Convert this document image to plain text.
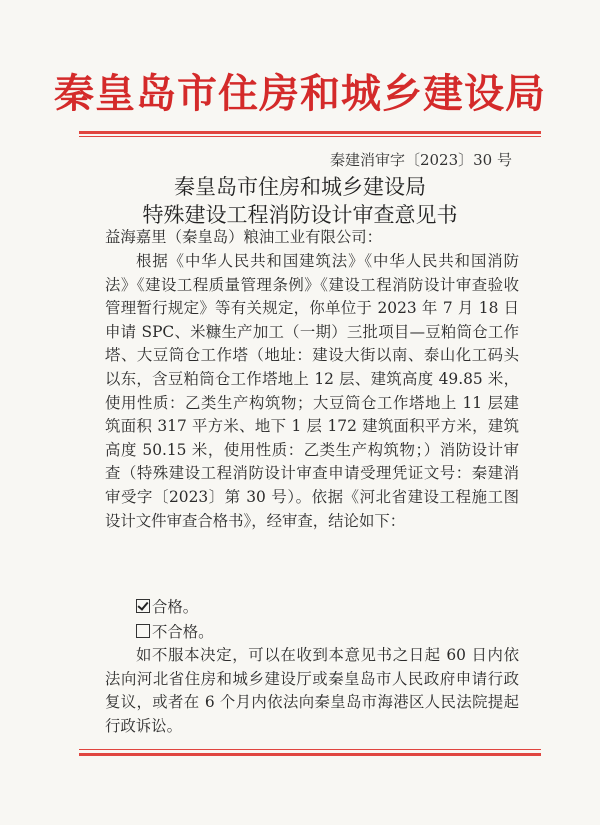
秦皇岛市住房和城乡建设局
秦建消审字〔2023〕30 号
秦皇岛市住房和城乡建设局
特殊建设工程消防设计审查意见书
益海嘉里（秦皇岛）粮油工业有限公司：
根据《中华人民共和国建筑法》《中华人民共和国消防法》《建设工程质量管理条例》《建设工程消防设计审查验收管理暂行规定》等有关规定，你单位于 2023 年 7 月 18 日申请 SPC、米糠生产加工（一期）三批项目—豆粕筒仓工作塔、大豆筒仓工作塔（地址：建设大街以南、泰山化工码头以东，含豆粕筒仓工作塔地上 12 层、建筑高度 49.85 米，使用性质：乙类生产构筑物；大豆筒仓工作塔地上 11 层建筑面积 317 平方米、地下 1 层 172 建筑面积平方米，建筑高度 50.15 米，使用性质：乙类生产构筑物；）消防设计审查（特殊建设工程消防设计审查申请受理凭证文号：秦建消审受字〔2023〕第 30 号）。依据《河北省建设工程施工图设计文件审查合格书》，经审查，结论如下：
合格。
不合格。
如不服本决定，可以在收到本意见书之日起 60 日内依法向河北省住房和城乡建设厅或秦皇岛市人民政府申请行政复议，或者在 6 个月内依法向秦皇岛市海港区人民法院提起行政诉讼。
